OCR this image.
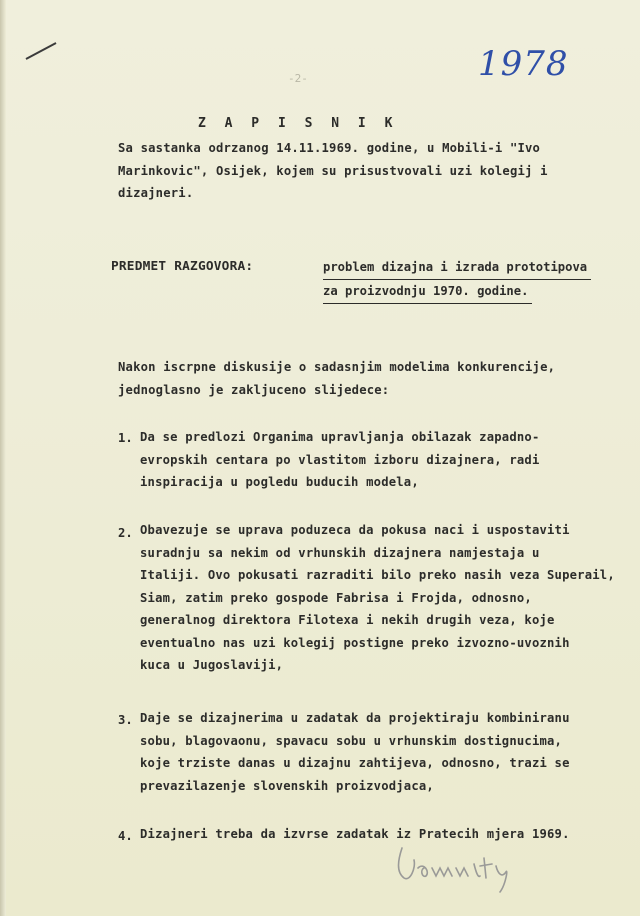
1978
-2-

Z A P I S N I K

Sa sastanka odrzanog 14.11.1969. godine, u Mobili-i "Ivo
Marinkovic", Osijek, kojem su prisustvovali uzi kolegij i
dizajneri.

PREDMET RAZGOVORA:	problem dizajna i izrada prototipova
za proizvodnju 1970. godine.
Nakon iscrpne diskusije o sadasnjim modelima konkurencije,
jednoglasno je zakljuceno slijedece:
1. Da se predlozi Organima upravljanja obilazak zapadno-
evropskih centara po vlastitom izboru dizajnera, radi
inspiracija u pogledu buducih modela,
2. Obavezuje se uprava poduzeca da pokusa naci i uspostaviti
suradnju sa nekim od vrhunskih dizajnera namjestaja u
Italiji. Ovo pokusati razraditi bilo preko nasih veza Superail,
Siam, zatim preko gospode Fabrisa i Frojda, odnosno,
generalnog direktora Filotexa i nekih drugih veza, koje
eventualno nas uzi kolegij postigne preko izvozno-uvoznih
kuca u Jugoslaviji,
3. Daje se dizajnerima u zadatak da projektiraju kombiniranu
sobu, blagovaonu, spavacu sobu u vrhunskim dostignucima,
koje trziste danas u dizajnu zahtijeva, odnosno, trazi se
prevazilazenje slovenskih proizvodjaca,
4. Dizajneri treba da izvrse zadatak iz Pratecih mjera 1969.
